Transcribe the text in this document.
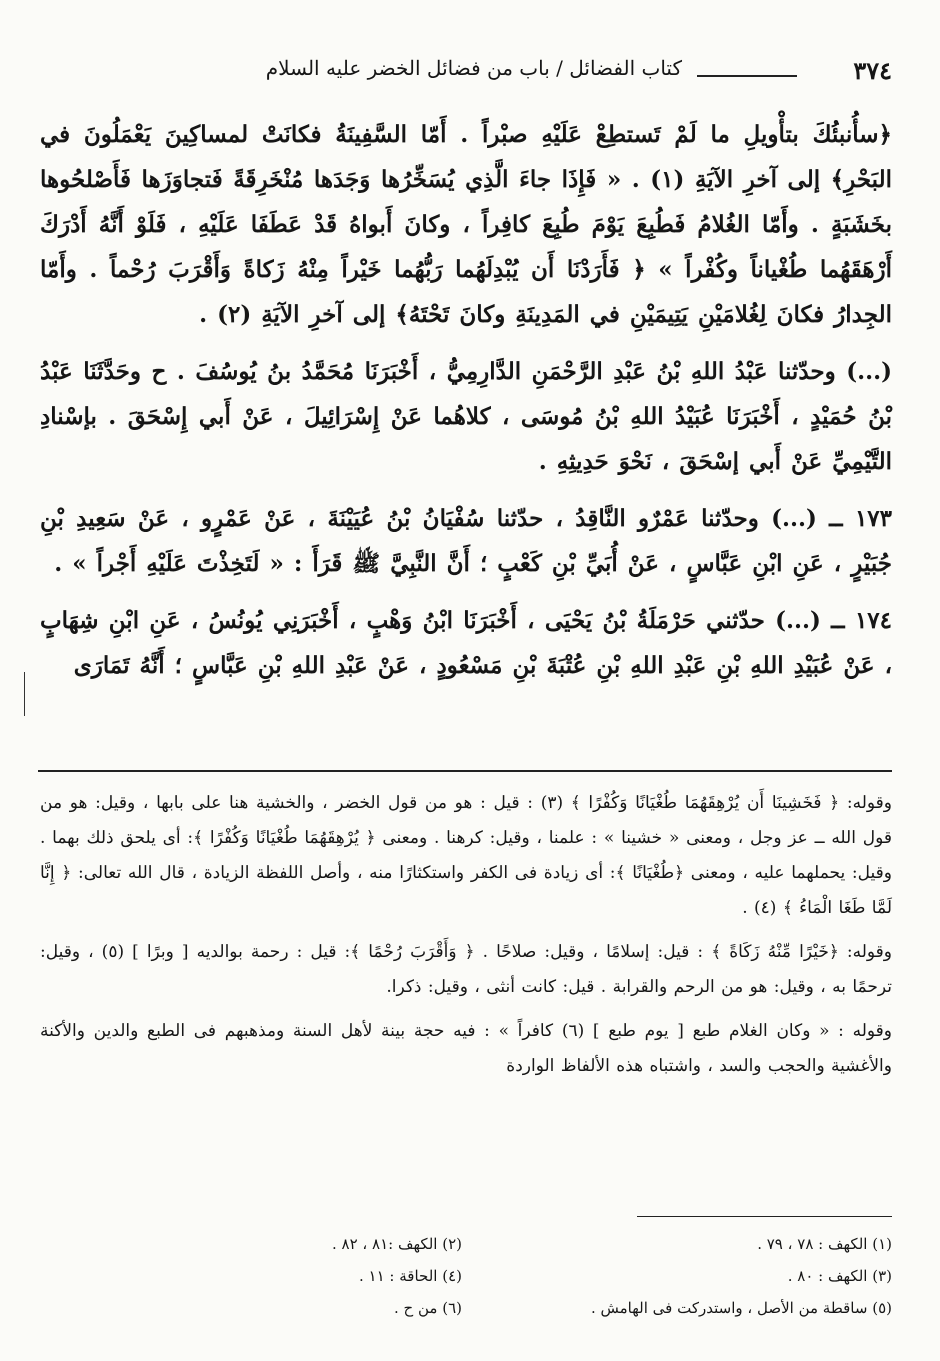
٣٧٤
كتاب الفضائل / باب من فضائل الخضر عليه السلام

﴿سأُنبئُكَ بتأْويلِ ما لَمْ تَستطِعْ عَلَيْهِ صبْراً . أَمّا السَّفِينَةُ فكانَتْ لمساكِينَ يَعْمَلُونَ في البَحْرِ﴾ إلى آخرِ الآيَةِ (١) . « فَإِذَا جاءَ الَّذِي يُسَخِّرُها وَجَدَها مُنْخَرِقَةً فَتجاوَزَها فَأَصْلحُوها بخَشَبَةٍ . وأَمّا الغُلامُ فَطُبِعَ يَوْمَ طُبِعَ كافِراً ، وكانَ أَبواهُ قَدْ عَطَفَا عَلَيْهِ ، فَلَوْ أَنَّهُ أَدْرَكَ أَرْهَقَهُما طُغْياناً وكُفْراً » ﴿ فَأَرَدْنَا أَن يُبْدِلَهُما رَبُّهُما خَيْراً مِنْهُ زَكاةً وَأَقْرَبَ رُحْماً . وأَمّا الجِدارُ فكانَ لِغُلامَيْنِ يَتِيمَيْنِ في المَدِينَةِ وكانَ تَحْتَهُ﴾ إلى آخرِ الآيَةِ (٢) .

(...) وحدّثنا عَبْدُ اللهِ بْنُ عَبْدِ الرَّحْمَنِ الدَّارِمِيُّ ، أَخْبَرَنَا مُحَمَّدُ بنُ يُوسُفَ . ح وحَدَّثَنَا عَبْدُ بْنُ حُمَيْدٍ ، أَخْبَرَنَا عُبَيْدُ اللهِ بْنُ مُوسَى ، كلاهُما عَنْ إِسْرَائِيلَ ، عَنْ أَبي إِسْحَقَ . بإسْنادِ التَّيْمِيِّ عَنْ أَبي إسْحَقَ ، نَحْوَ حَدِيثِهِ .

١٧٣ ــ (...) وحدّثنا عَمْرٌو النَّاقِدُ ، حدّثنا سُفْيَانُ بْنُ عُيَيْنَةَ ، عَنْ عَمْرٍو ، عَنْ سَعِيدِ بْنِ جُبَيْرٍ ، عَنِ ابْنِ عَبَّاسٍ ، عَنْ أُبَيِّ بْنِ كَعْبٍ ؛ أَنَّ النَّبِيَّ ﷺ قَرَأَ : « لَتَخِذْتَ عَلَيْهِ أَجْراً » .

١٧٤ ــ (...) حدّثني حَرْمَلَةُ بْنُ يَحْيَى ، أَخْبَرَنَا ابْنُ وَهْبٍ ، أَخْبَرَنِي يُونُسُ ، عَنِ ابْنِ شِهَابٍ ، عَنْ عُبَيْدِ اللهِ بْنِ عَبْدِ اللهِ بْنِ عُتْبَةَ بْنِ مَسْعُودٍ ، عَنْ عَبْدِ اللهِ بْنِ عَبَّاسٍ ؛ أَنَّهُ تَمَارَى

وقوله: ﴿ فَخَشِينَا أَن يُرْهِقَهُمَا طُغْيَانًا وَكُفْرًا ﴾ (٣) : قيل : هو من قول الخضر ، والخشية هنا على بابها ، وقيل: هو من قول الله ــ عز وجل ، ومعنى « خشينا » : علمنا ، وقيل: كرهنا . ومعنى ﴿ يُرْهِقَهُمَا طُغْيَانًا وَكُفْرًا ﴾: أى يلحق ذلك بهما . وقيل: يحملهما عليه ، ومعنى ﴿طُغْيَانًا ﴾: أى زيادة فى الكفر واستكثارًا منه ، وأصل اللفظة الزيادة ، قال الله تعالى: ﴿ إِنَّا لَمَّا طَغَا الْمَاءُ ﴾ (٤) .

وقوله: ﴿خَيْرًا مِّنْهُ زَكَاةً ﴾ : قيل: إسلامًا ، وقيل: صلاحًا . ﴿ وَأَقْرَبَ رُحْمًا ﴾: قيل : رحمة بوالديه [ وبرًا ] (٥) ، وقيل: ترحمًا به ، وقيل: هو من الرحم والقرابة . قيل: كانت أنثى ، وقيل: ذكرا.

وقوله : « وكان الغلام طبع [ يوم طبع ] (٦) كافراً » : فيه حجة بينة لأهل السنة ومذهبهم فى الطبع والدين والأكنة والأغشية والحجب والسد ، واشتباه هذه الألفاظ الواردة

(١) الكهف : ٧٨ ، ٧٩ .
(٢) الكهف :٨١ ، ٨٢ .
(٣) الكهف : ٨٠ .
(٤) الحاقة : ١١ .
(٥) ساقطة من الأصل ، واستدركت فى الهامش .
(٦) من ح .
